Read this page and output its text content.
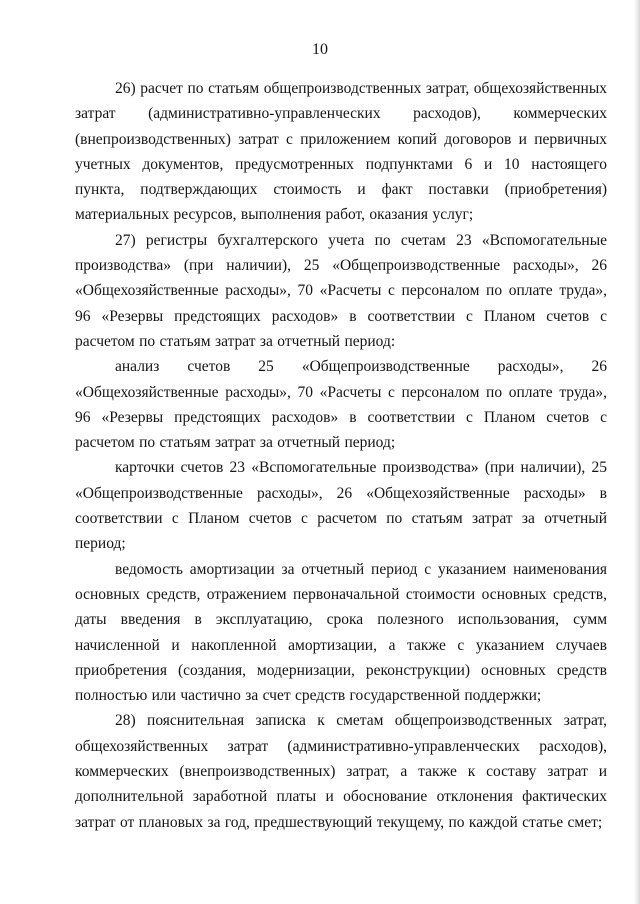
10

26) расчет по статьям общепроизводственных затрат, общехозяйственных затрат (административно-управленческих расходов), коммерческих (внепроизводственных) затрат с приложением копий договоров и первичных учетных документов, предусмотренных подпунктами 6 и 10 настоящего пункта, подтверждающих стоимость и факт поставки (приобретения) материальных ресурсов, выполнения работ, оказания услуг;

27) регистры бухгалтерского учета по счетам 23 «Вспомогательные производства» (при наличии), 25 «Общепроизводственные расходы», 26 «Общехозяйственные расходы», 70 «Расчеты с персоналом по оплате труда», 96 «Резервы предстоящих расходов» в соответствии с Планом счетов с расчетом по статьям затрат за отчетный период:

анализ счетов 25 «Общепроизводственные расходы», 26 «Общехозяйственные расходы», 70 «Расчеты с персоналом по оплате труда», 96 «Резервы предстоящих расходов» в соответствии с Планом счетов с расчетом по статьям затрат за отчетный период;

карточки счетов 23 «Вспомогательные производства» (при наличии), 25 «Общепроизводственные расходы», 26 «Общехозяйственные расходы» в соответствии с Планом счетов с расчетом по статьям затрат за отчетный период;

ведомость амортизации за отчетный период с указанием наименования основных средств, отражением первоначальной стоимости основных средств, даты введения в эксплуатацию, срока полезного использования, сумм начисленной и накопленной амортизации, а также с указанием случаев приобретения (создания, модернизации, реконструкции) основных средств полностью или частично за счет средств государственной поддержки;

28) пояснительная записка к сметам общепроизводственных затрат, общехозяйственных затрат (административно-управленческих расходов), коммерческих (внепроизводственных) затрат, а также к составу затрат и дополнительной заработной платы и обоснование отклонения фактических затрат от плановых за год, предшествующий текущему, по каждой статье смет;
